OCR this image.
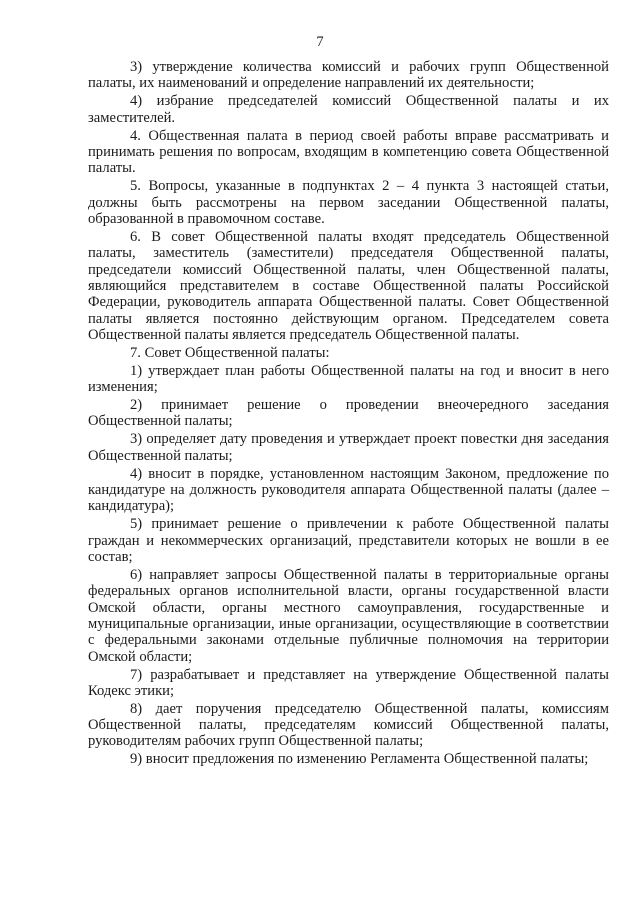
7

3) утверждение количества комиссий и рабочих групп Общественной палаты, их наименований и определение направлений их деятельности;

4) избрание председателей комиссий Общественной палаты и их заместителей.

4. Общественная палата в период своей работы вправе рассматривать и принимать решения по вопросам, входящим в компетенцию совета Общественной палаты.

5. Вопросы, указанные в подпунктах 2 – 4 пункта 3 настоящей статьи, должны быть рассмотрены на первом заседании Общественной палаты, образованной в правомочном составе.

6. В совет Общественной палаты входят председатель Общественной палаты, заместитель (заместители) председателя Общественной палаты, председатели комиссий Общественной палаты, член Общественной палаты, являющийся представителем в составе Общественной палаты Российской Федерации, руководитель аппарата Общественной палаты. Совет Общественной палаты является постоянно действующим органом. Председателем совета Общественной палаты является председатель Общественной палаты.

7. Совет Общественной палаты:

1) утверждает план работы Общественной палаты на год и вносит в него изменения;

2) принимает решение о проведении внеочередного заседания Общественной палаты;

3) определяет дату проведения и утверждает проект повестки дня заседания Общественной палаты;

4) вносит в порядке, установленном настоящим Законом, предложение по кандидатуре на должность руководителя аппарата Общественной палаты (далее – кандидатура);

5) принимает решение о привлечении к работе Общественной палаты граждан и некоммерческих организаций, представители которых не вошли в ее состав;

6) направляет запросы Общественной палаты в территориальные органы федеральных органов исполнительной власти, органы государственной власти Омской области, органы местного самоуправления, государственные и муниципальные организации, иные организации, осуществляющие в соответствии с федеральными законами отдельные публичные полномочия на территории Омской области;

7) разрабатывает и представляет на утверждение Общественной палаты Кодекс этики;

8) дает поручения председателю Общественной палаты, комиссиям Общественной палаты, председателям комиссий Общественной палаты, руководителям рабочих групп Общественной палаты;

9) вносит предложения по изменению Регламента Общественной палаты;
